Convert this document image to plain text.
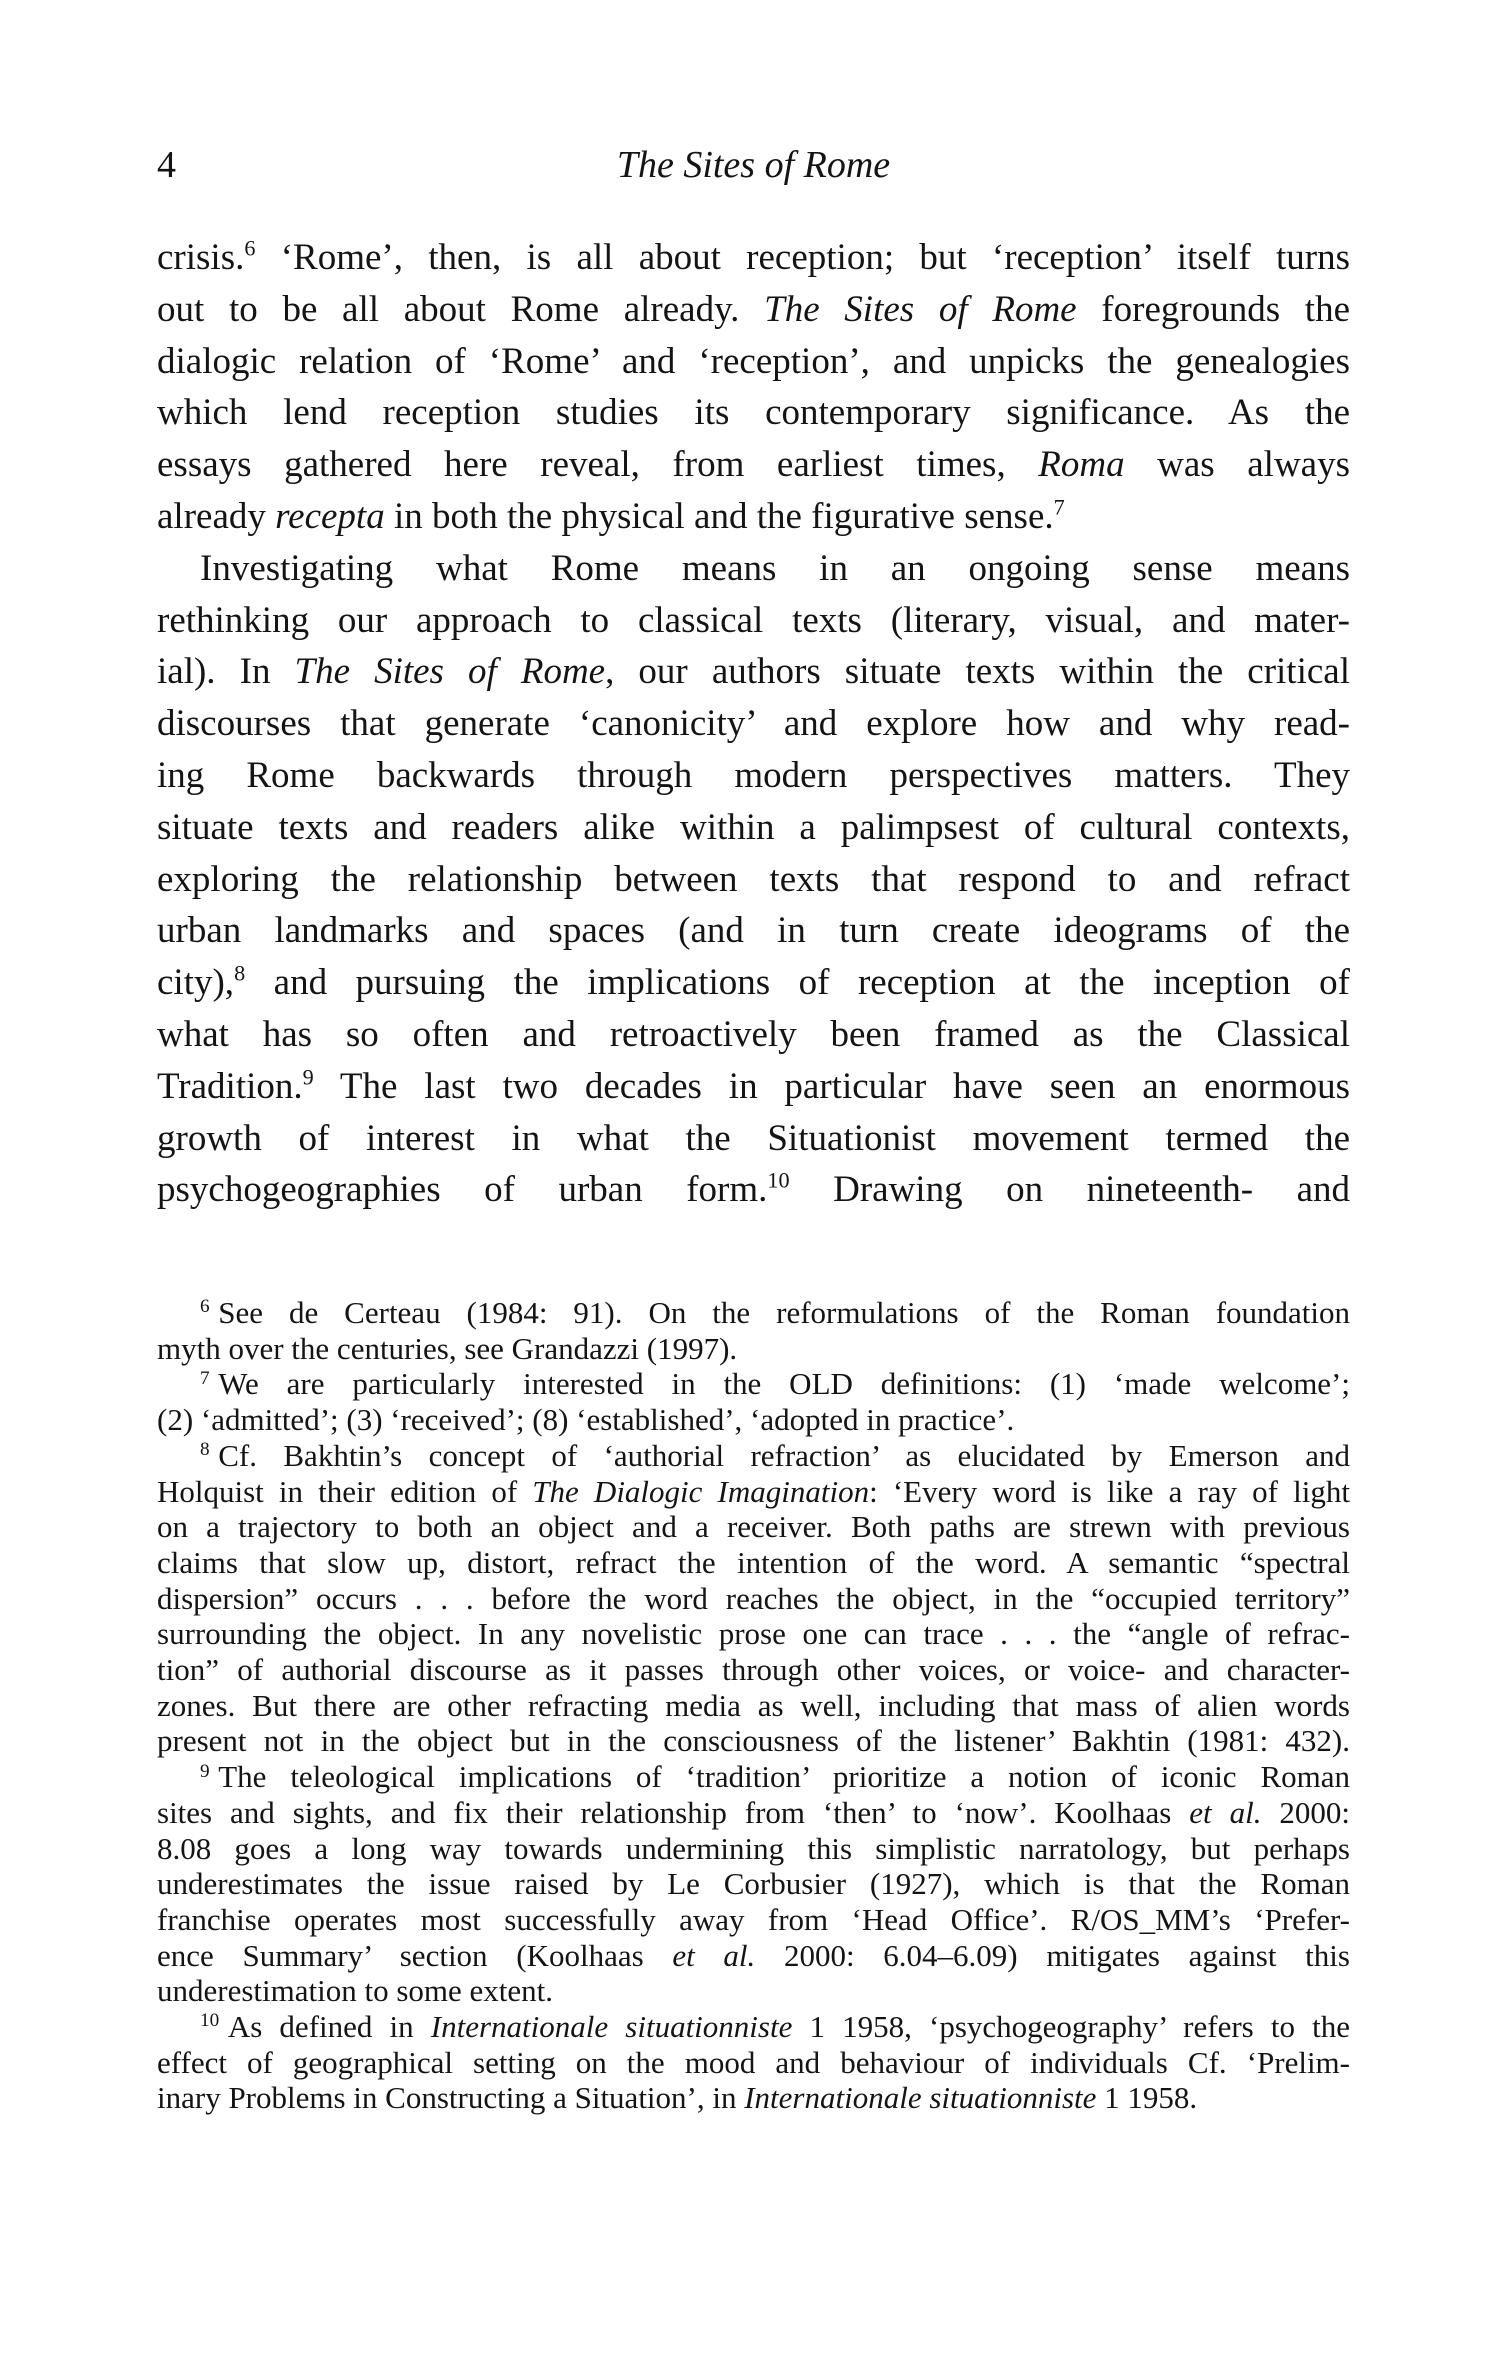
4	The Sites of Rome
crisis.$^6$ ‘Rome’, then, is all about reception; but ‘reception’ itself turns
out to be all about Rome already. The Sites of Rome foregrounds the
dialogic relation of ‘Rome’ and ‘reception’, and unpicks the genealogies
which lend reception studies its contemporary significance. As the
essays gathered here reveal, from earliest times, Roma was always
already recepta in both the physical and the figurative sense.$^7$
Investigating what Rome means in an ongoing sense means
rethinking our approach to classical texts (literary, visual, and mater-
ial). In The Sites of Rome, our authors situate texts within the critical
discourses that generate ‘canonicity’ and explore how and why read-
ing Rome backwards through modern perspectives matters. They
situate texts and readers alike within a palimpsest of cultural contexts,
exploring the relationship between texts that respond to and refract
urban landmarks and spaces (and in turn create ideograms of the
city),$^8$ and pursuing the implications of reception at the inception of
what has so often and retroactively been framed as the Classical
Tradition.$^9$ The last two decades in particular have seen an enormous
growth of interest in what the Situationist movement termed the
psychogeographies of urban form.$^{10}$ Drawing on nineteenth- and
$^6$ See de Certeau (1984: 91). On the reformulations of the Roman foundation
myth over the centuries, see Grandazzi (1997).
$^7$ We are particularly interested in the OLD definitions: (1) ‘made welcome’;
(2) ‘admitted’; (3) ‘received’; (8) ‘established’, ‘adopted in practice’.
$^8$ Cf. Bakhtin’s concept of ‘authorial refraction’ as elucidated by Emerson and
Holquist in their edition of The Dialogic Imagination: ‘Every word is like a ray of light
on a trajectory to both an object and a receiver. Both paths are strewn with previous
claims that slow up, distort, refract the intention of the word. A semantic “spectral
dispersion” occurs . . . before the word reaches the object, in the “occupied territory”
surrounding the object. In any novelistic prose one can trace . . . the “angle of refrac-
tion” of authorial discourse as it passes through other voices, or voice- and character-
zones. But there are other refracting media as well, including that mass of alien words
present not in the object but in the consciousness of the listener’ Bakhtin (1981: 432).
$^9$ The teleological implications of ‘tradition’ prioritize a notion of iconic Roman
sites and sights, and fix their relationship from ‘then’ to ‘now’. Koolhaas et al. 2000:
8.08 goes a long way towards undermining this simplistic narratology, but perhaps
underestimates the issue raised by Le Corbusier (1927), which is that the Roman
franchise operates most successfully away from ‘Head Office’. R/OS_MM’s ‘Prefer-
ence Summary’ section (Koolhaas et al. 2000: 6.04–6.09) mitigates against this
underestimation to some extent.
$^{10}$ As defined in Internationale situationniste 1 1958, ‘psychogeography’ refers to the
effect of geographical setting on the mood and behaviour of individuals Cf. ‘Prelim-
inary Problems in Constructing a Situation’, in Internationale situationniste 1 1958.
